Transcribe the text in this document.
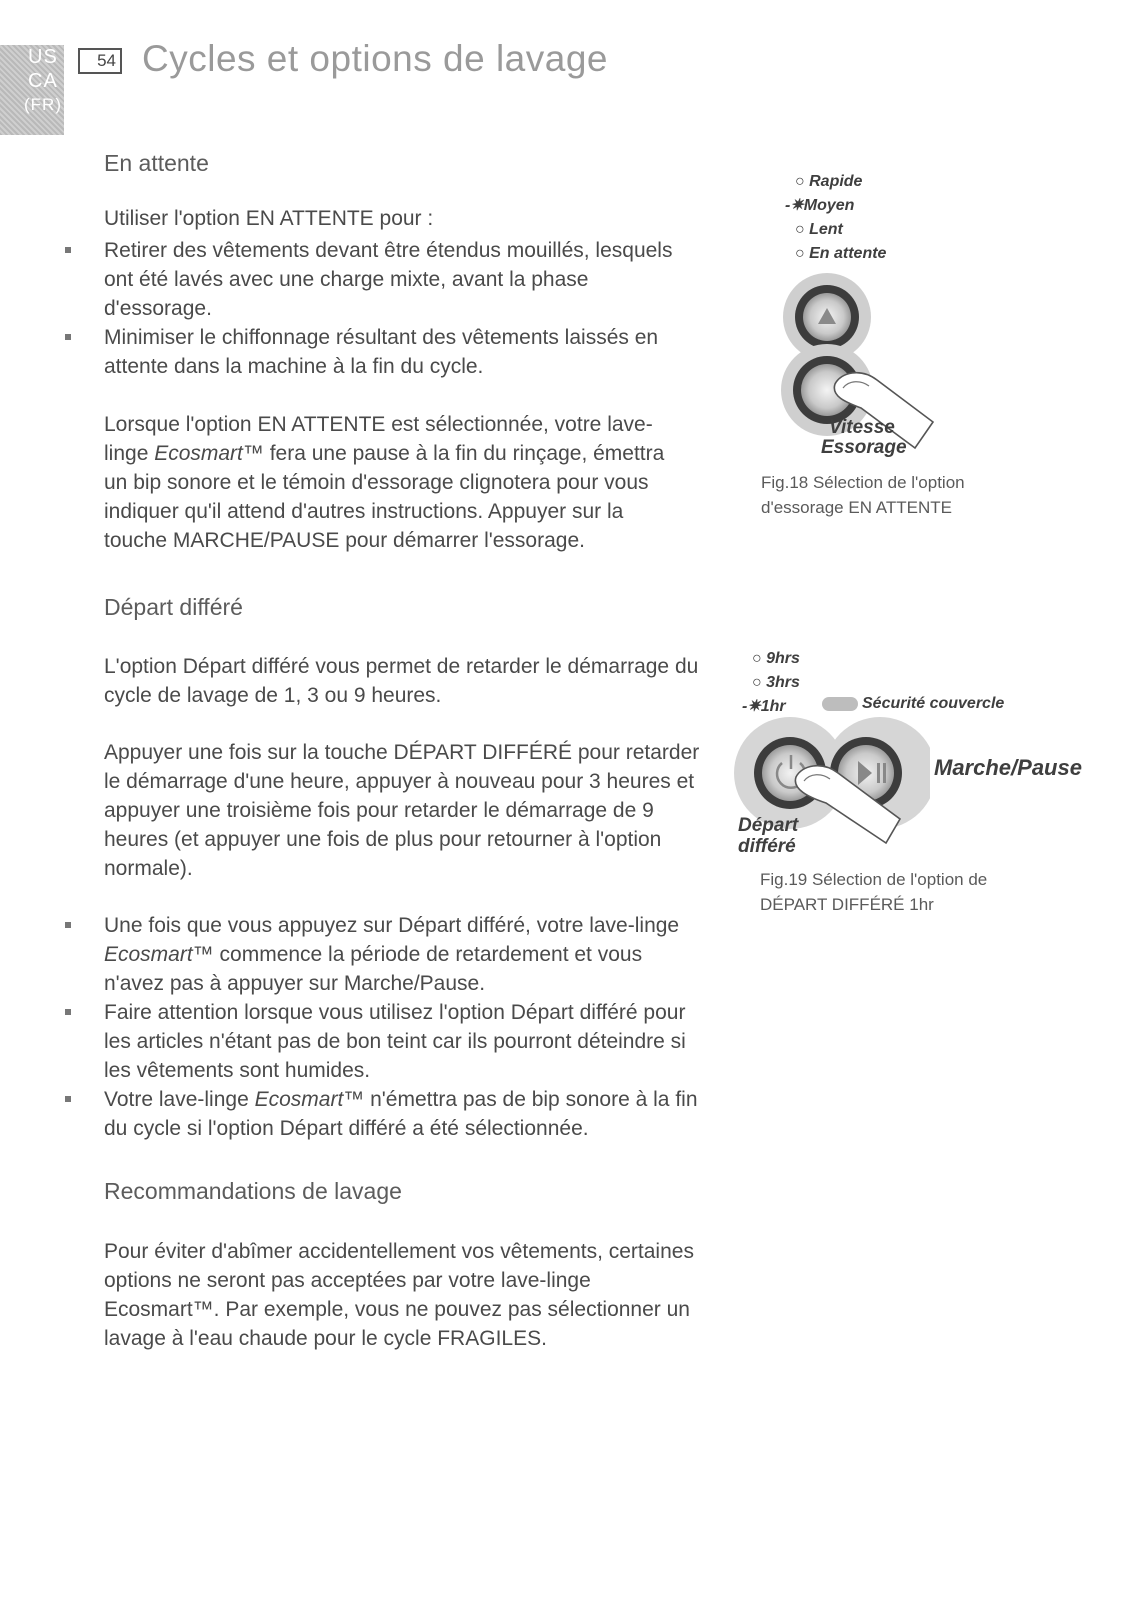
US
CA
(FR)
54 Cycles et options de lavage
En attente

Utiliser l'option EN ATTENTE pour :

Retirer des vêtements devant être étendus mouillés, lesquels ont été lavés avec une charge mixte, avant la phase d'essorage.
Minimiser le chiffonnage résultant des vêtements laissés en attente dans la machine à la fin du cycle.

Lorsque l'option EN ATTENTE est sélectionnée, votre lave-linge Ecosmart™ fera une pause à la fin du rinçage, émettra un bip sonore et le témoin d'essorage clignotera pour vous indiquer qu'il attend d'autres instructions. Appuyer sur la touche MARCHE/PAUSE pour démarrer l'essorage.

○ Rapide
-✷Moyen
○ Lent
○ En attente
Vitesse
Essorage
Fig.18 Sélection de l'option d'essorage EN ATTENTE
Départ différé

L'option Départ différé vous permet de retarder le démarrage du cycle de lavage de 1, 3 ou 9 heures.

Appuyer une fois sur la touche DÉPART DIFFÉRÉ pour retarder le démarrage d'une heure, appuyer à nouveau pour 3 heures et appuyer une troisième fois pour retarder le démarrage de 9 heures (et appuyer une fois de plus pour retourner à l'option normale).

Une fois que vous appuyez sur Départ différé, votre lave-linge Ecosmart™ commence la période de retardement et vous n'avez pas à appuyer sur Marche/Pause.
Faire attention lorsque vous utilisez l'option Départ différé pour les articles n'étant pas de bon teint car ils pourront déteindre si les vêtements sont humides.
Votre lave-linge Ecosmart™ n'émettra pas de bip sonore à la fin du cycle si l'option Départ différé a été sélectionnée.
○ 9hrs
○ 3hrs
-✷1hr	Sécurité couvercle
Marche/Pause
Départ
différé
Fig.19 Sélection de l'option de DÉPART DIFFÉRÉ 1hr
Recommandations de lavage

Pour éviter d'abîmer accidentellement vos vêtements, certaines options ne seront pas acceptées par votre lave-linge Ecosmart™. Par exemple, vous ne pouvez pas sélectionner un lavage à l'eau chaude pour le cycle FRAGILES.
